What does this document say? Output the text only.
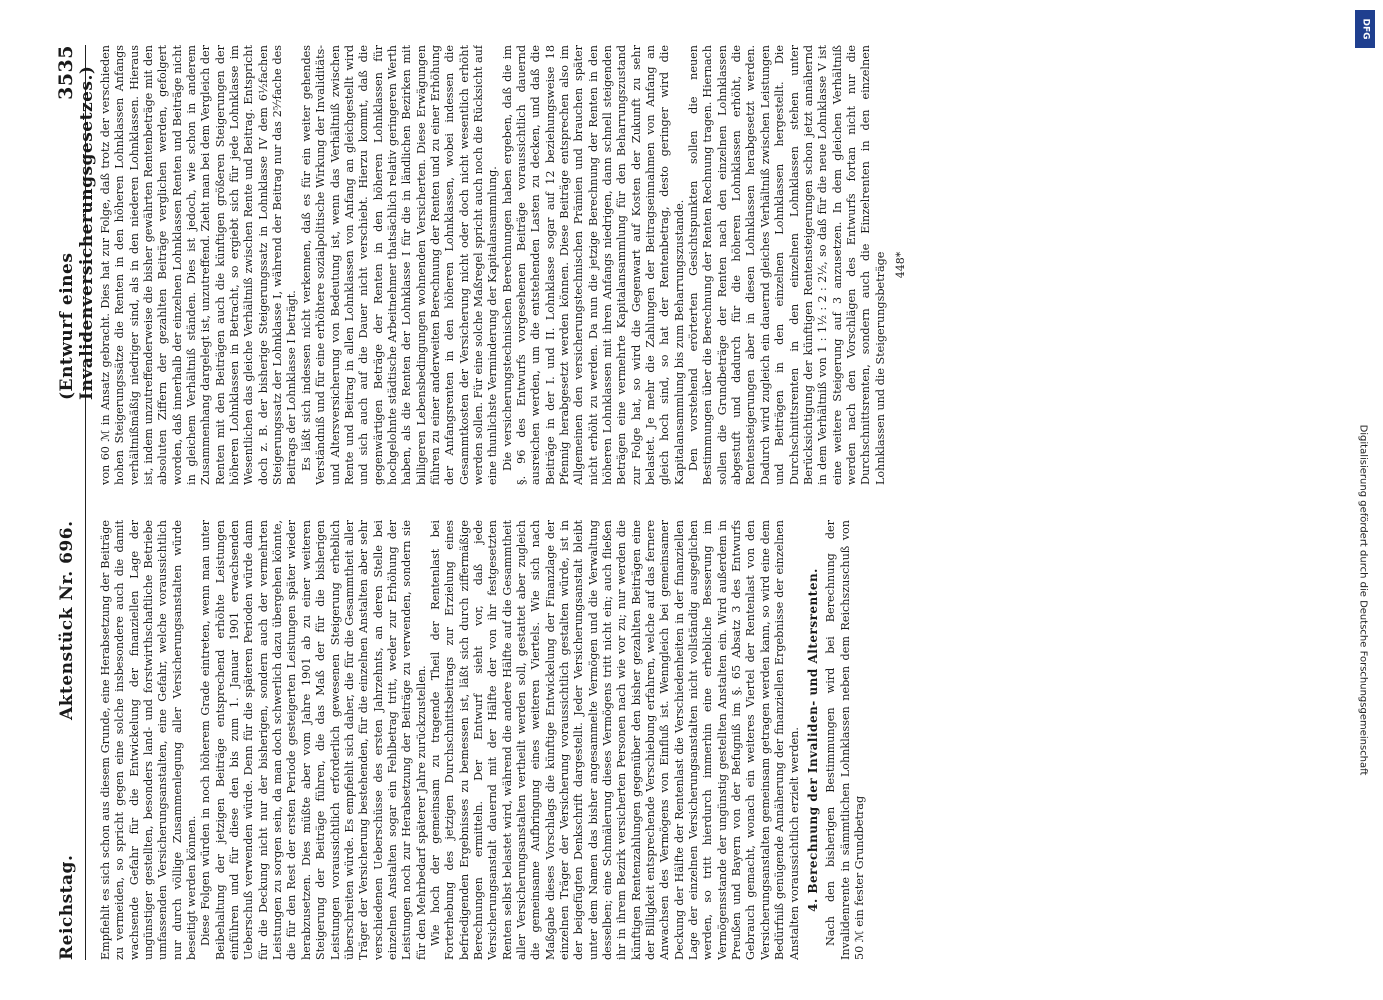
Reichstag.
Aktenstück Nr. 696.
(Entwurf eines Invalidenversicherungsgesetzes.)
3535

Empfiehlt es sich schon aus diesem Grunde, eine Herabsetzung der Beiträge zu vermeiden, so spricht gegen eine solche insbesondere auch die damit wachsende Gefahr für die Entwickelung der finanziellen Lage der ungünstiger gestellten, besonders land- und forstwirthschaftliche Betriebe umfassenden Versicherungsanstalten, eine Gefahr, welche voraussichtlich nur durch völlige Zusammenlegung aller Versicherungsanstalten würde beseitigt werden können. Diese Folgen würden in noch höherem Grade eintreten, wenn man unter Beibehaltung der jetzigen Beiträge entsprechend erhöhte Leistungen einführen und für diese den bis zum 1. Januar 1901 erwachsenden Ueberschuß verwenden würde. Denn für die späteren Perioden würde dann für die Deckung nicht nur der bisherigen, sondern auch der vermehrten Leistungen zu sorgen sein, da man doch schwerlich dazu übergehen könnte, die für den Rest der ersten Periode gesteigerten Leistungen später wieder herabzusetzen. Dies müßte aber vom Jahre 1901 ab zu einer weiteren Steigerung der Beiträge führen, die das Maß der für die bisherigen Leistungen voraussichtlich erforderlich gewesenen Steigerung erheblich überschreiten würde. Es empfiehlt sich daher, die für die Gesammtheit aller Träger der Versicherung bestehenden, für die einzelnen Anstalten aber sehr verschiedenen Ueberschüsse des ersten Jahrzehnts, an deren Stelle bei einzelnen Anstalten sogar ein Fehlbetrag tritt, weder zur Erhöhung der Leistungen noch zur Herabsetzung der Beiträge zu verwenden, sondern sie für den Mehrbedarf späterer Jahre zurückzustellen. Wie hoch der gemeinsam zu tragende Theil der Rentenlast bei Forterhebung des jetzigen Durchschnittsbeitrags zur Erzielung eines befriedigenden Ergebnisses zu bemessen ist, läßt sich durch ziffermäßige Berechnungen ermitteln. Der Entwurf sieht vor, daß jede Versicherungsanstalt dauernd mit der Hälfte der von ihr festgesetzten Renten selbst belastet wird, während die andere Hälfte auf die Gesammtheit aller Versicherungsanstalten vertheilt werden soll, gestattet aber zugleich die gemeinsame Aufbringung eines weiteren Viertels. Wie sich nach Maßgabe dieses Vorschlags die künftige Entwickelung der Finanzlage der einzelnen Träger der Versicherung voraussichtlich gestalten würde, ist in der beigefügten Denkschrift dargestellt. Jeder Versicherungsanstalt bleibt unter dem Namen das bisher angesammelte Vermögen und die Verwaltung desselben; eine Schmälerung dieses Vermögens tritt nicht ein; auch fließen ihr in ihrem Bezirk versicherten Personen nach wie vor zu; nur werden die künftigen Rentenzahlungen gegenüber den bisher gezahlten Beiträgen eine der Billigkeit entsprechende Verschiebung erfahren, welche auf das fernere Anwachsen des Vermögens von Einfluß ist. Wenngleich bei gemeinsamer Deckung der Hälfte der Rentenlast die Verschiedenheiten in der finanziellen Lage der einzelnen Versicherungsanstalten nicht vollständig ausgeglichen werden, so tritt hierdurch immerhin eine erhebliche Besserung im Vermögensstande der ungünstig gestellten Anstalten ein. Wird außerdem in Preußen und Bayern von der Befugniß im §. 65 Absatz 3 des Entwurfs Gebrauch gemacht, wonach ein weiteres Viertel der Rentenlast von den Versicherungsanstalten gemeinsam getragen werden kann, so wird eine dem Bedürfniß genügende Annäherung der finanziellen Ergebnisse der einzelnen Anstalten voraussichtlich erzielt werden. 4. Berechnung der Invaliden- und Altersrenten. Nach den bisherigen Bestimmungen wird bei Berechnung der Invalidenrente in sämmtlichen Lohnklassen neben dem Reichszuschuß von 50 ℳ ein fester Grundbetrag

von 60 ℳ in Ansatz gebracht. Dies hat zur Folge, daß trotz der verschieden hohen Steigerungssätze die Renten in den höheren Lohnklassen Anfangs verhältnißmäßig niedriger sind, als in den niederen Lohnklassen. Hieraus ist, indem unzutreffenderweise die bisher gewährten Rentenbeträge mit den absoluten Ziffern der gezahlten Beiträge verglichen werden, gefolgert worden, daß innerhalb der einzelnen Lohnklassen Renten und Beiträge nicht in gleichem Verhältniß ständen. Dies ist jedoch, wie schon in anderem Zusammenhang dargelegt ist, unzutreffend. Zieht man bei dem Vergleich der Renten mit den Beiträgen auch die künftigen größeren Steigerungen der höheren Lohnklassen in Betracht, so ergiebt sich für jede Lohnklasse im Wesentlichen das gleiche Verhältniß zwischen Rente und Beitrag. Entspricht doch z. B. der bisherige Steigerungssatz in Lohnklasse IV dem 6½fachen Steigerungssatz der Lohnklasse I, während der Beitrag nur das 2⁵⁄₇fache des Beitrags der Lohnklasse I beträgt. Es läßt sich indessen nicht verkennen, daß es für ein weiter gehendes Verständniß und für eine erhöhtere sozialpolitische Wirkung der Invaliditäts- und Altersversicherung von Bedeutung ist, wenn das Verhältniß zwischen Rente und Beitrag in allen Lohnklassen von Anfang an gleichgestellt wird und sich auch auf die Dauer nicht verschiebt. Hierzu kommt, daß die gegenwärtigen Beträge der Renten in den höheren Lohnklassen für hochgelohnte städtische Arbeitnehmer thatsächlich relativ geringeren Werth haben, als die Renten der Lohnklasse I für die in ländlichen Bezirken mit billigeren Lebensbedingungen wohnenden Versicherten. Diese Erwägungen führen zu einer anderweiten Berechnung der Renten und zu einer Erhöhung der Anfangsrenten in den höheren Lohnklassen, wobei indessen die Gesammtkosten der Versicherung nicht oder doch nicht wesentlich erhöht werden sollen. Für eine solche Maßregel spricht auch noch die Rücksicht auf eine thunlichste Verminderung der Kapitalansammlung. Die versicherungstechnischen Berechnungen haben ergeben, daß die im §. 96 des Entwurfs vorgesehenen Beiträge voraussichtlich dauernd ausreichen werden, um die entstehenden Lasten zu decken, und daß die Beiträge in der I. und II. Lohnklasse sogar auf 12 beziehungsweise 18 Pfennig herabgesetzt werden können. Diese Beiträge entsprechen also im Allgemeinen den versicherungstechnischen Prämien und brauchen später nicht erhöht zu werden. Da nun die jetzige Berechnung der Renten in den höheren Lohnklassen mit ihren Anfangs niedrigen, dann schnell steigenden Beträgen eine vermehrte Kapitalansammlung für den Beharrungszustand zur Folge hat, so wird die Gegenwart auf Kosten der Zukunft zu sehr belastet. Je mehr die Zahlungen der Beitragseinnahmen von Anfang an gleich hoch sind, so hat der Rentenbetrag, desto geringer wird die Kapitalansammlung bis zum Beharrungszustande. Den vorstehend erörterten Gesichtspunkten sollen die neuen Bestimmungen über die Berechnung der Renten Rechnung tragen. Hiernach sollen die Grundbeträge der Renten nach den einzelnen Lohnklassen abgestuft und dadurch für die höheren Lohnklassen erhöht, die Rentensteigerungen aber in diesen Lohnklassen herabgesetzt werden. Dadurch wird zugleich ein dauernd gleiches Verhältniß zwischen Leistungen und Beiträgen in den einzelnen Lohnklassen hergestellt. Die Durchschnittsrenten in den einzelnen Lohnklassen stehen unter Berücksichtigung der künftigen Rentensteigerungen schon jetzt annähernd in dem Verhältniß von 1 : 1½ : 2 : 2½, so daß für die neue Lohnklasse V ist eine weitere Steigerung auf 3 anzusetzen. In dem gleichen Verhältniß werden nach den Vorschlägen des Entwurfs fortan nicht nur die Durchschnittsrenten, sondern auch die Einzelrenten in den einzelnen Lohnklassen und die Steigerungsbeträge 448*
DFG
Digitalisierung gefördert durch die Deutsche Forschungsgemeinschaft
